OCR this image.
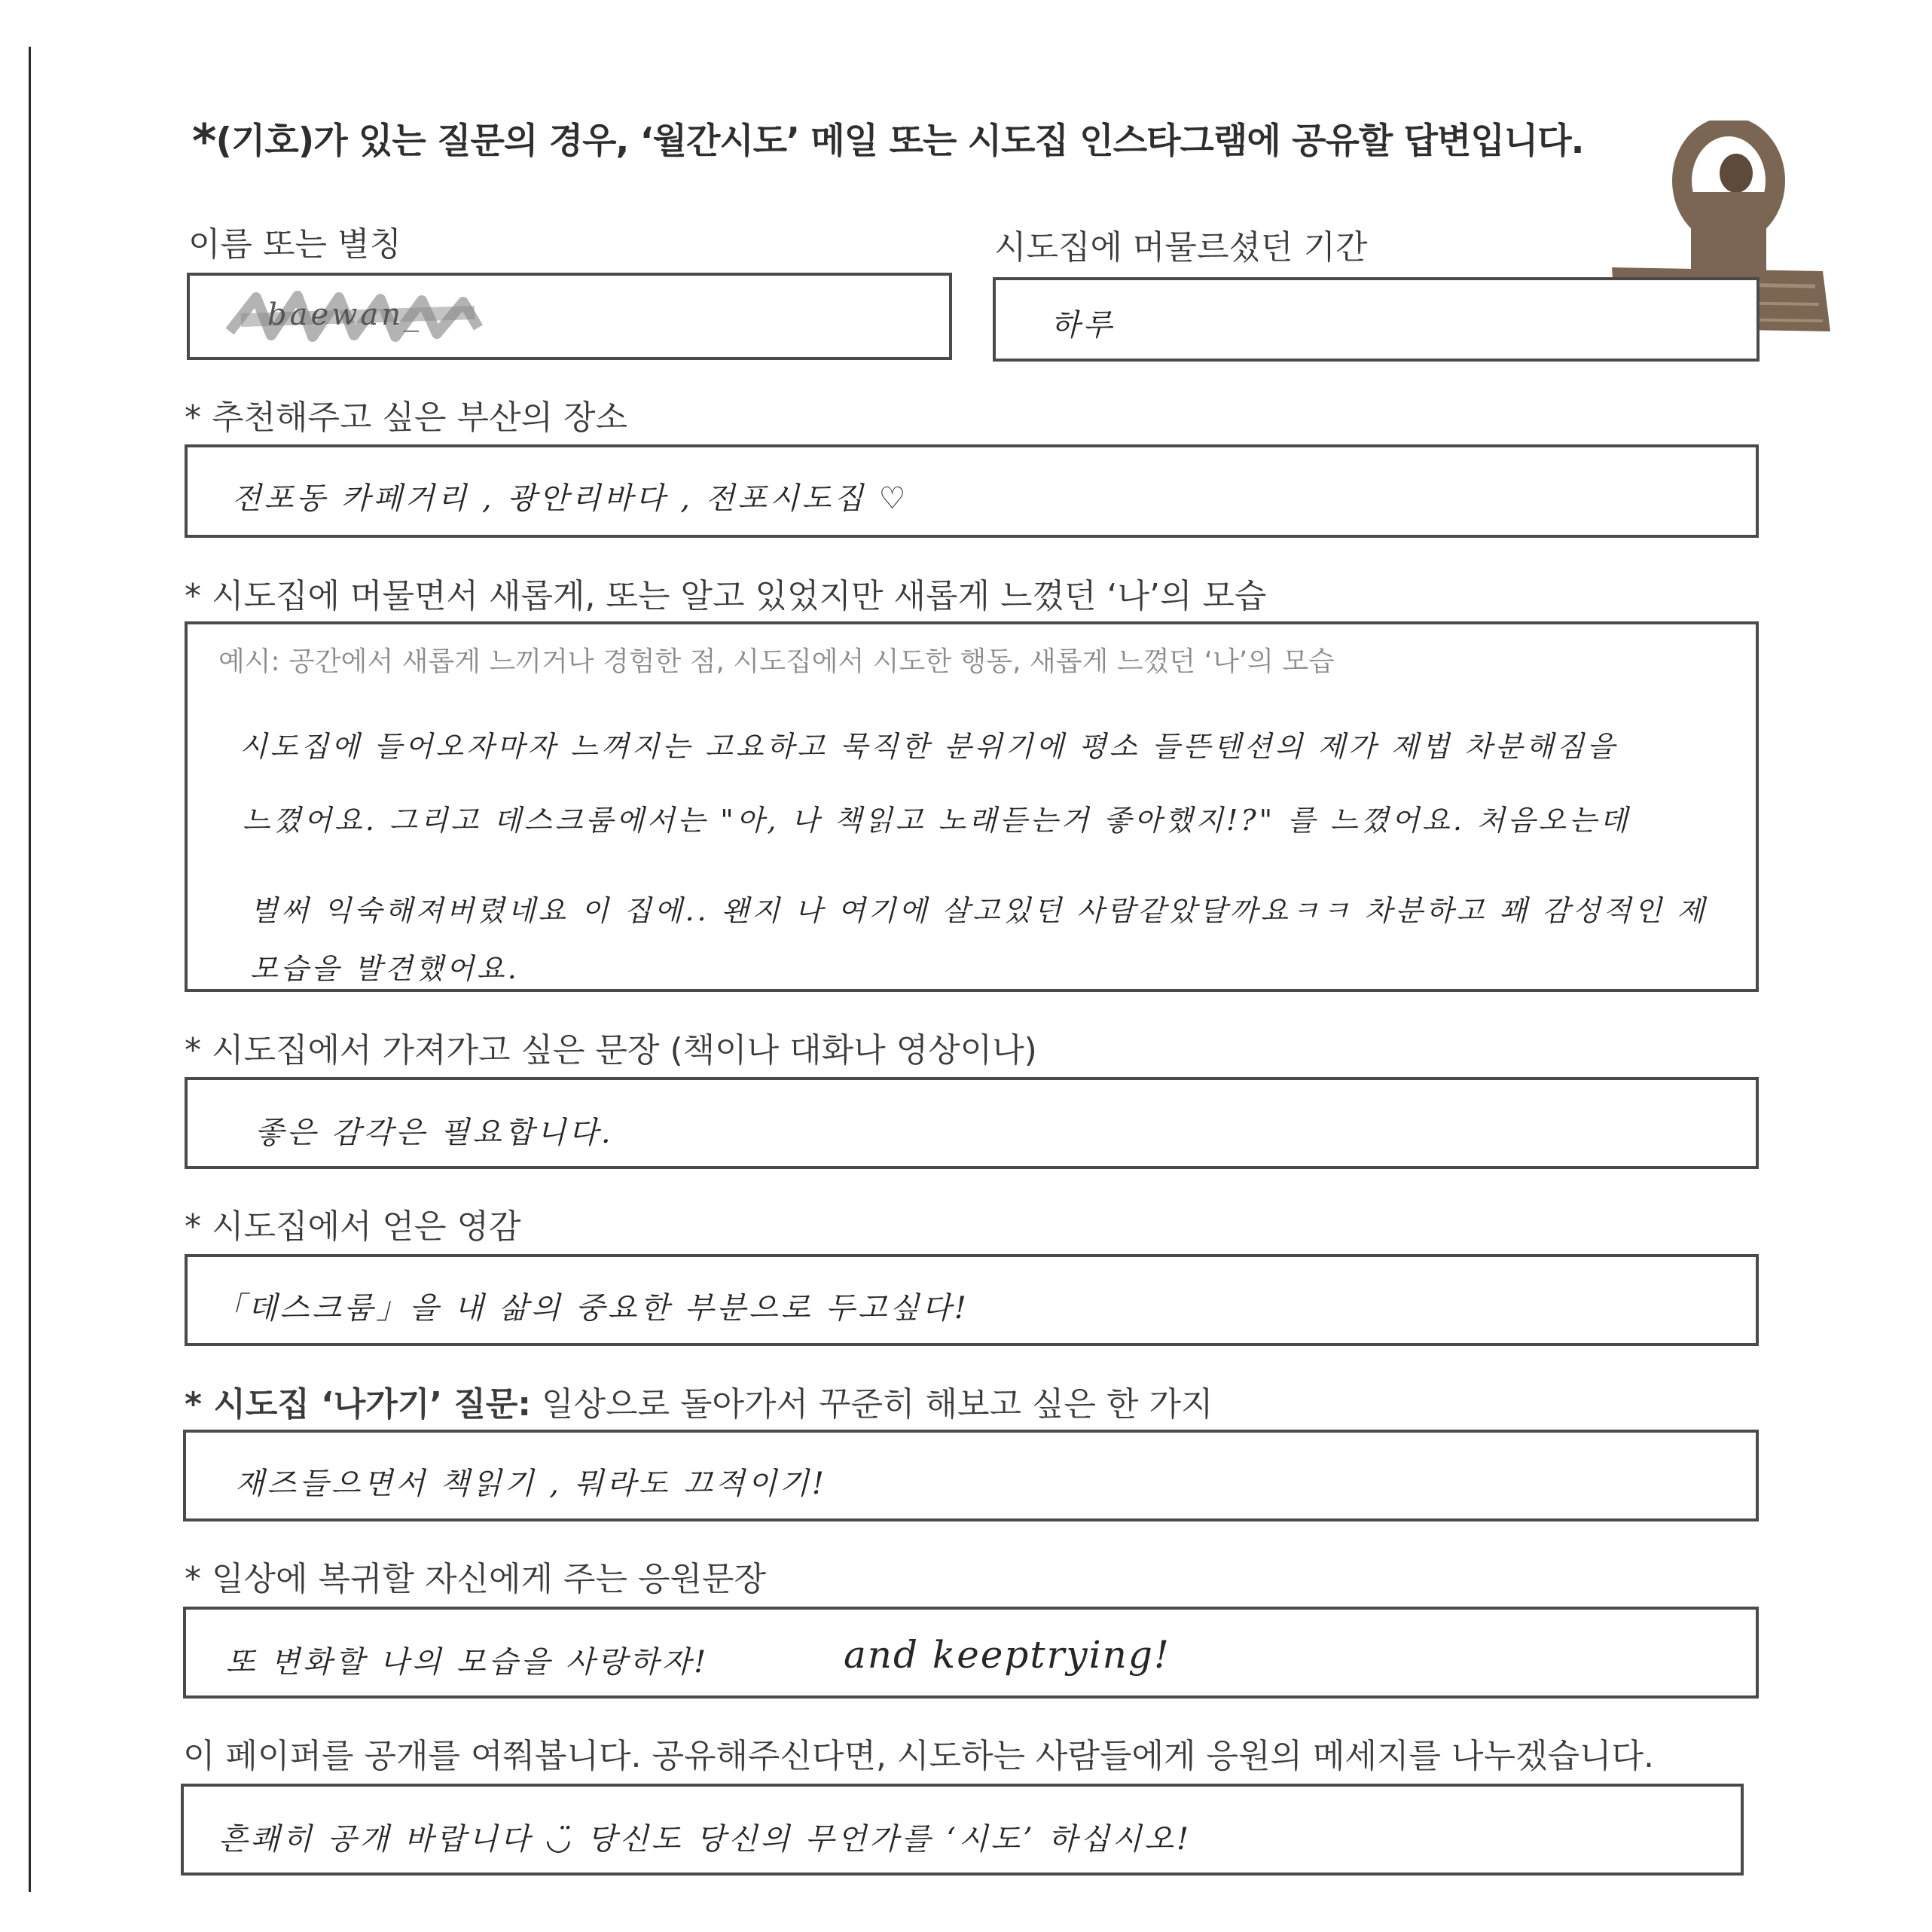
*(기호)가 있는 질문의 경우, ‘월간시도’ 메일 또는 시도집 인스타그램에 공유할 답변입니다.
이름 또는 별칭
baewan_
시도집에 머물르셨던 기간
하루
* 추천해주고 싶은 부산의 장소
전포동 카페거리 , 광안리바다 , 전포시도집 ♡
* 시도집에 머물면서 새롭게, 또는 알고 있었지만 새롭게 느꼈던 ‘나’의 모습
예시: 공간에서 새롭게 느끼거나 경험한 점, 시도집에서 시도한 행동, 새롭게 느꼈던 ‘나’의 모습
시도집에 들어오자마자 느껴지는 고요하고 묵직한 분위기에 평소 들뜬텐션의 제가 제법 차분해짐을
느꼈어요. 그리고 데스크룸에서는 "아, 나 책읽고 노래듣는거 좋아했지!?" 를 느꼈어요. 처음오는데
벌써 익숙해져버렸네요 이 집에.. 왠지 나 여기에 살고있던 사람같았달까요ㅋㅋ 차분하고 꽤 감성적인 제
모습을 발견했어요.
* 시도집에서 가져가고 싶은 문장 (책이나 대화나 영상이나)
좋은 감각은 필요합니다.
* 시도집에서 얻은 영감
「데스크룸」을 내 삶의 중요한 부분으로 두고싶다!
* 시도집 ‘나가기’ 질문: 일상으로 돌아가서 꾸준히 해보고 싶은 한 가지
재즈들으면서 책읽기 , 뭐라도 끄적이기!
* 일상에 복귀할 자신에게 주는 응원문장
또 변화할 나의 모습을 사랑하자!	and keeptrying!
이 페이퍼를 공개를 여쭤봅니다. 공유해주신다면, 시도하는 사람들에게 응원의 메세지를 나누겠습니다.
흔쾌히 공개 바랍니다 ◡̈ 당신도 당신의 무언가를 ‘시도’ 하십시오!
